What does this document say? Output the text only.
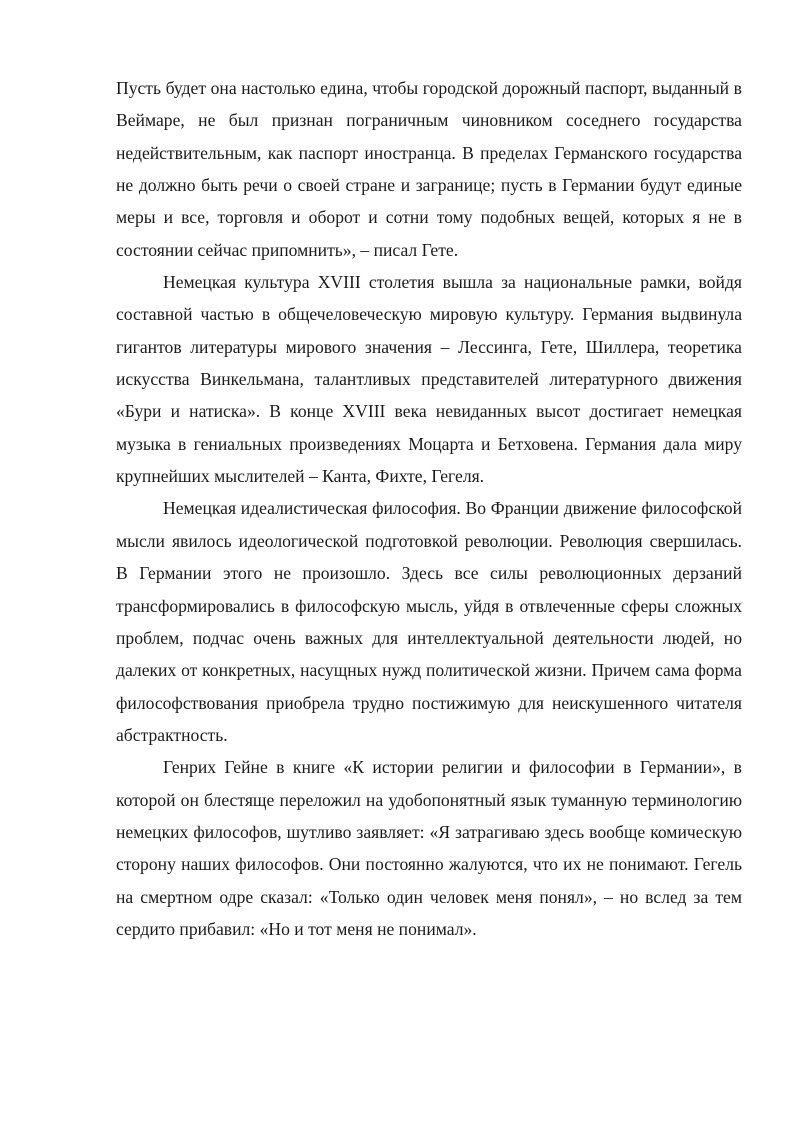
Пусть будет она настолько едина, чтобы городской дорожный паспорт, выданный в Веймаре, не был признан пограничным чиновником соседнего государства недействительным, как паспорт иностранца. В пределах Германского государства не должно быть речи о своей стране и загранице; пусть в Германии будут единые меры и все, торговля и оборот и сотни тому подобных вещей, которых я не в состоянии сейчас припомнить», – писал Гете.

Немецкая культура XVIII столетия вышла за национальные рамки, войдя составной частью в общечеловеческую мировую культуру. Германия выдвинула гигантов литературы мирового значения – Лессинга, Гете, Шиллера, теоретика искусства Винкельмана, талантливых представителей литературного движения «Бури и натиска». В конце XVIII века невиданных высот достигает немецкая музыка в гениальных произведениях Моцарта и Бетховена. Германия дала миру крупнейших мыслителей – Канта, Фихте, Гегеля.

Немецкая идеалистическая философия. Во Франции движение философской мысли явилось идеологической подготовкой революции. Революция свершилась. В Германии этого не произошло. Здесь все силы революционных дерзаний трансформировались в философскую мысль, уйдя в отвлеченные сферы сложных проблем, подчас очень важных для интеллектуальной деятельности людей, но далеких от конкретных, насущных нужд политической жизни. Причем сама форма философствования приобрела трудно постижимую для неискушенного читателя абстрактность.

Генрих Гейне в книге «К истории религии и философии в Германии», в которой он блестяще переложил на удобопонятный язык туманную терминологию немецких философов, шутливо заявляет: «Я затрагиваю здесь вообще комическую сторону наших философов. Они постоянно жалуются, что их не понимают. Гегель на смертном одре сказал: «Только один человек меня понял», – но вслед за тем сердито прибавил: «Но и тот меня не понимал».
